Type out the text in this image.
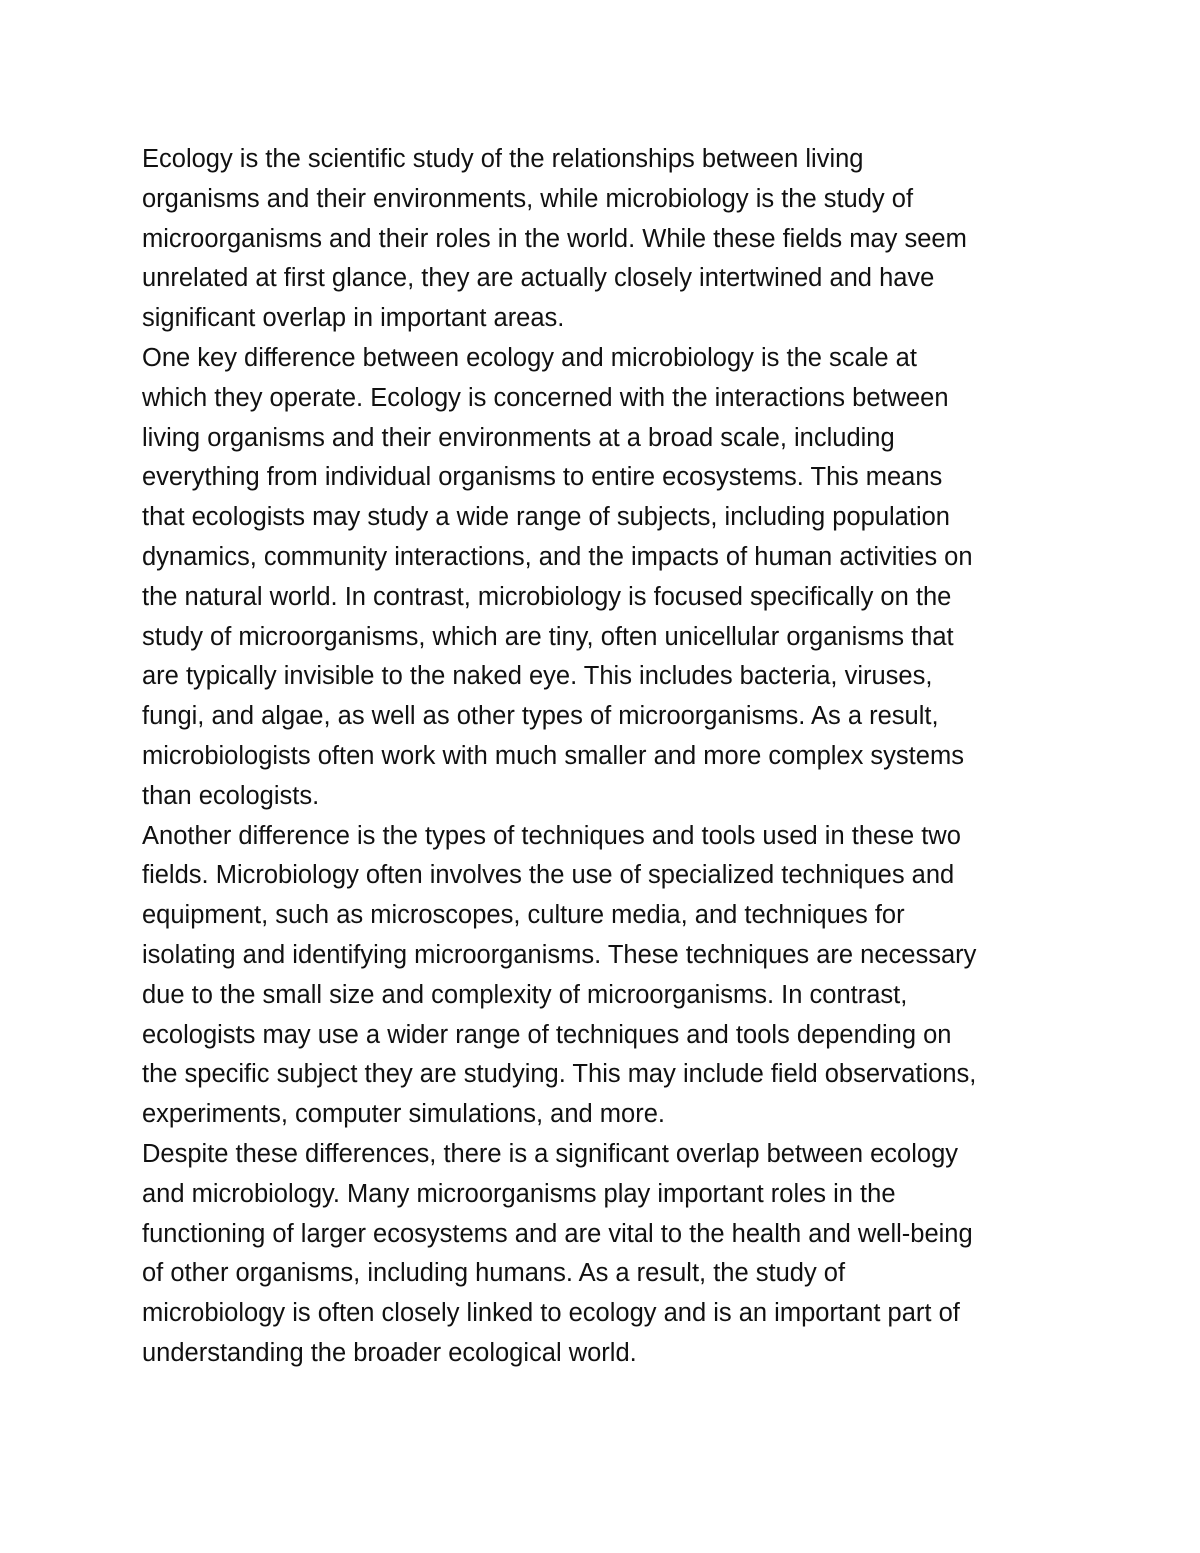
Ecology is the scientific study of the relationships between living
organisms and their environments, while microbiology is the study of
microorganisms and their roles in the world. While these fields may seem
unrelated at first glance, they are actually closely intertwined and have
significant overlap in important areas.
One key difference between ecology and microbiology is the scale at
which they operate. Ecology is concerned with the interactions between
living organisms and their environments at a broad scale, including
everything from individual organisms to entire ecosystems. This means
that ecologists may study a wide range of subjects, including population
dynamics, community interactions, and the impacts of human activities on
the natural world. In contrast, microbiology is focused specifically on the
study of microorganisms, which are tiny, often unicellular organisms that
are typically invisible to the naked eye. This includes bacteria, viruses,
fungi, and algae, as well as other types of microorganisms. As a result,
microbiologists often work with much smaller and more complex systems
than ecologists.
Another difference is the types of techniques and tools used in these two
fields. Microbiology often involves the use of specialized techniques and
equipment, such as microscopes, culture media, and techniques for
isolating and identifying microorganisms. These techniques are necessary
due to the small size and complexity of microorganisms. In contrast,
ecologists may use a wider range of techniques and tools depending on
the specific subject they are studying. This may include field observations,
experiments, computer simulations, and more.
Despite these differences, there is a significant overlap between ecology
and microbiology. Many microorganisms play important roles in the
functioning of larger ecosystems and are vital to the health and well-being
of other organisms, including humans. As a result, the study of
microbiology is often closely linked to ecology and is an important part of
understanding the broader ecological world.
